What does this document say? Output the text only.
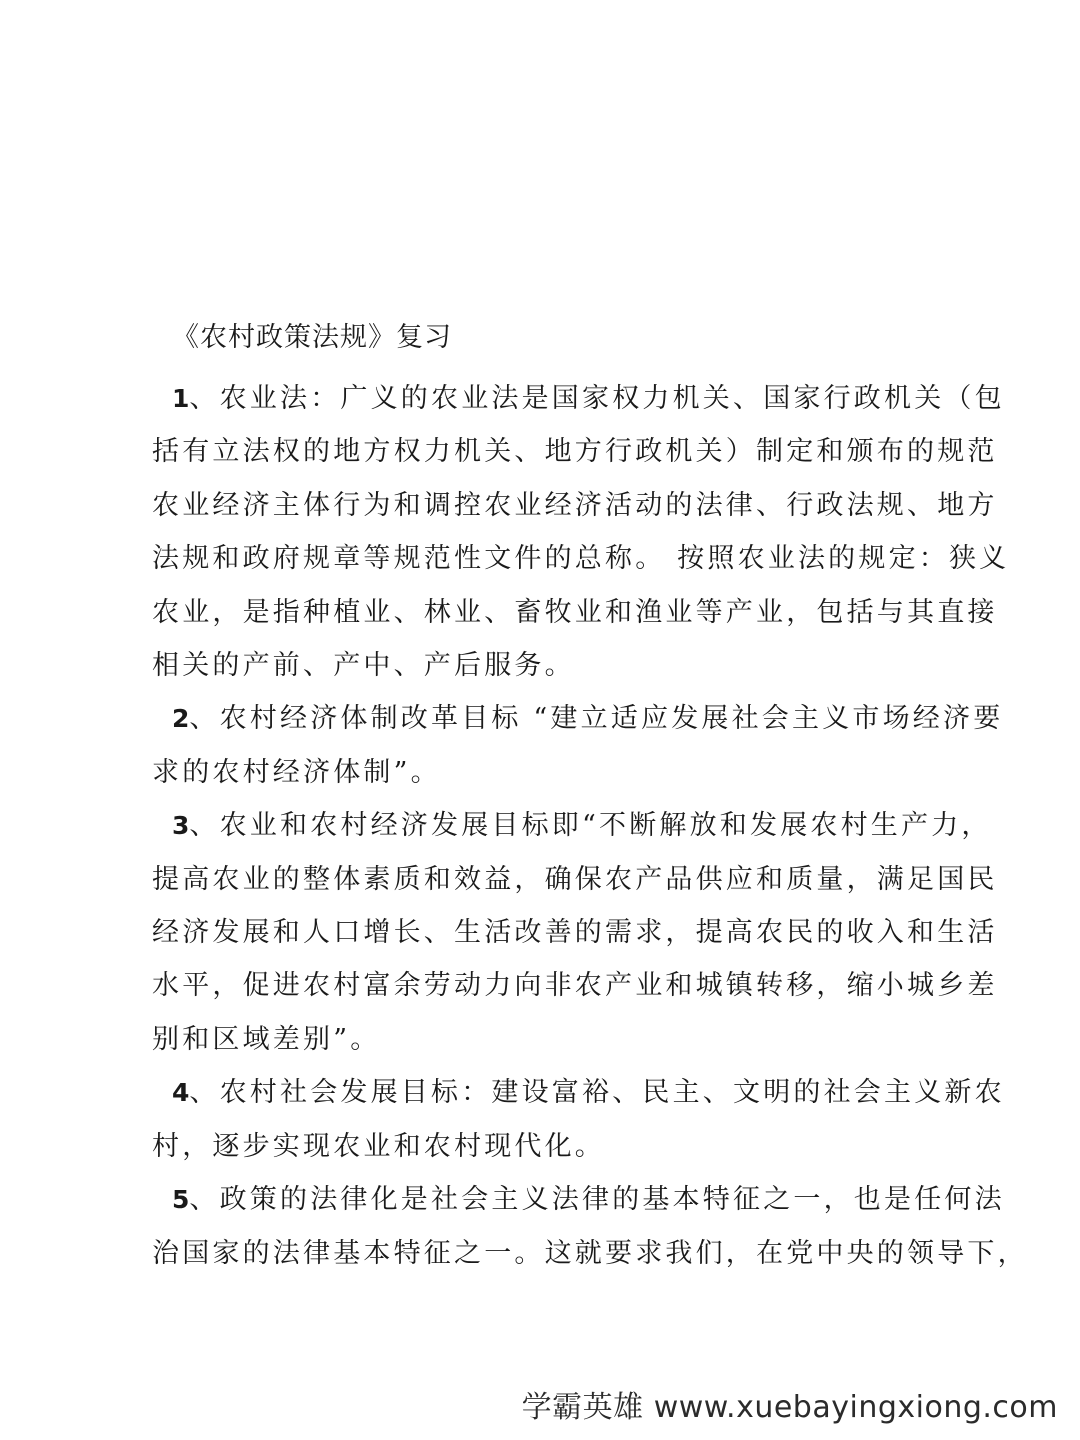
《农村政策法规》复习
1、农业法：广义的农业法是国家权力机关、国家行政机关（包
括有立法权的地方权力机关、地方行政机关）制定和颁布的规范
农业经济主体行为和调控农业经济活动的法律、行政法规、地方
法规和政府规章等规范性文件的总称。 按照农业法的规定：狭义
农业，是指种植业、林业、畜牧业和渔业等产业，包括与其直接
相关的产前、产中、产后服务。
2、农村经济体制改革目标 “建立适应发展社会主义市场经济要
求的农村经济体制”。
3、农业和农村经济发展目标即“不断解放和发展农村生产力，
提高农业的整体素质和效益，确保农产品供应和质量，满足国民
经济发展和人口增长、生活改善的需求，提高农民的收入和生活
水平，促进农村富余劳动力向非农产业和城镇转移，缩小城乡差
别和区域差别”。
4、农村社会发展目标：建设富裕、民主、文明的社会主义新农
村，逐步实现农业和农村现代化。
5、政策的法律化是社会主义法律的基本特征之一，也是任何法
治国家的法律基本特征之一。这就要求我们，在党中央的领导下，
学霸英雄 www.xuebayingxiong.com
